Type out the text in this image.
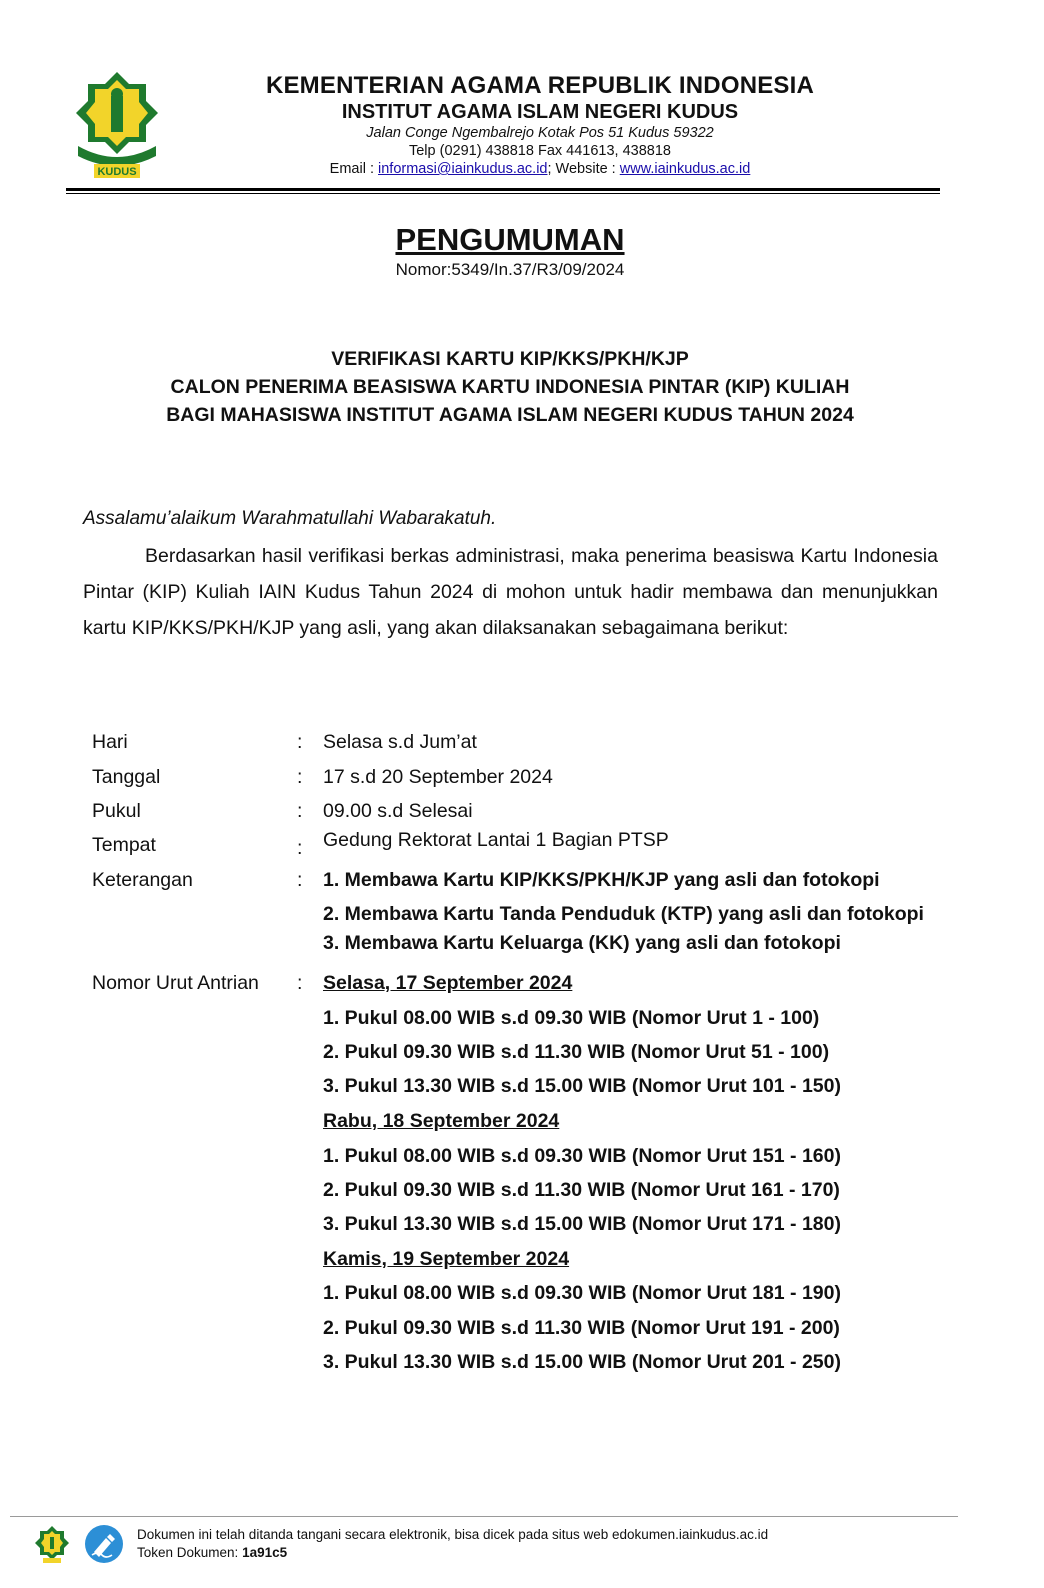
KUDUS
KEMENTERIAN AGAMA REPUBLIK INDONESIA
INSTITUT AGAMA ISLAM NEGERI KUDUS
Jalan Conge Ngembalrejo Kotak Pos 51 Kudus 59322
Telp (0291) 438818 Fax 441613, 438818
Email : informasi@iainkudus.ac.id; Website : www.iainkudus.ac.id
PENGUMUMAN
Nomor:5349/In.37/R3/09/2024
VERIFIKASI KARTU KIP/KKS/PKH/KJP
CALON PENERIMA BEASISWA KARTU INDONESIA PINTAR (KIP) KULIAH
BAGI MAHASISWA INSTITUT AGAMA ISLAM NEGERI KUDUS TAHUN 2024
Assalamu’alaikum Warahmatullahi Wabarakatuh.
Berdasarkan hasil verifikasi berkas administrasi, maka penerima beasiswa Kartu Indonesia Pintar (KIP) Kuliah IAIN Kudus Tahun 2024 di mohon untuk hadir membawa dan menunjukkan kartu KIP/KKS/PKH/KJP yang asli, yang akan dilaksanakan sebagaimana berikut:
Hari	: Selasa s.d Jum’at
Tanggal	: 17 s.d 20 September 2024
Pukul	: 09.00 s.d Selesai
Tempat	: Gedung Rektorat Lantai 1 Bagian PTSP
Keterangan	: 1. Membawa Kartu KIP/KKS/PKH/KJP yang asli dan fotokopi
2. Membawa Kartu Tanda Penduduk (KTP) yang asli dan fotokopi
3. Membawa Kartu Keluarga (KK) yang asli dan fotokopi
Nomor Urut Antrian : Selasa, 17 September 2024
1. Pukul 08.00 WIB s.d 09.30 WIB (Nomor Urut 1 - 100)
2. Pukul 09.30 WIB s.d 11.30 WIB (Nomor Urut 51 - 100)
3. Pukul 13.30 WIB s.d 15.00 WIB (Nomor Urut 101 - 150)
Rabu, 18 September 2024
1. Pukul 08.00 WIB s.d 09.30 WIB (Nomor Urut 151 - 160)
2. Pukul 09.30 WIB s.d 11.30 WIB (Nomor Urut 161 - 170)
3. Pukul 13.30 WIB s.d 15.00 WIB (Nomor Urut 171 - 180)
Kamis, 19 September 2024
1. Pukul 08.00 WIB s.d 09.30 WIB (Nomor Urut 181 - 190)
2. Pukul 09.30 WIB s.d 11.30 WIB (Nomor Urut 191 - 200)
3. Pukul 13.30 WIB s.d 15.00 WIB (Nomor Urut 201 - 250)
Dokumen ini telah ditanda tangani secara elektronik, bisa dicek pada situs web edokumen.iainkudus.ac.id
Token Dokumen: 1a91c5
